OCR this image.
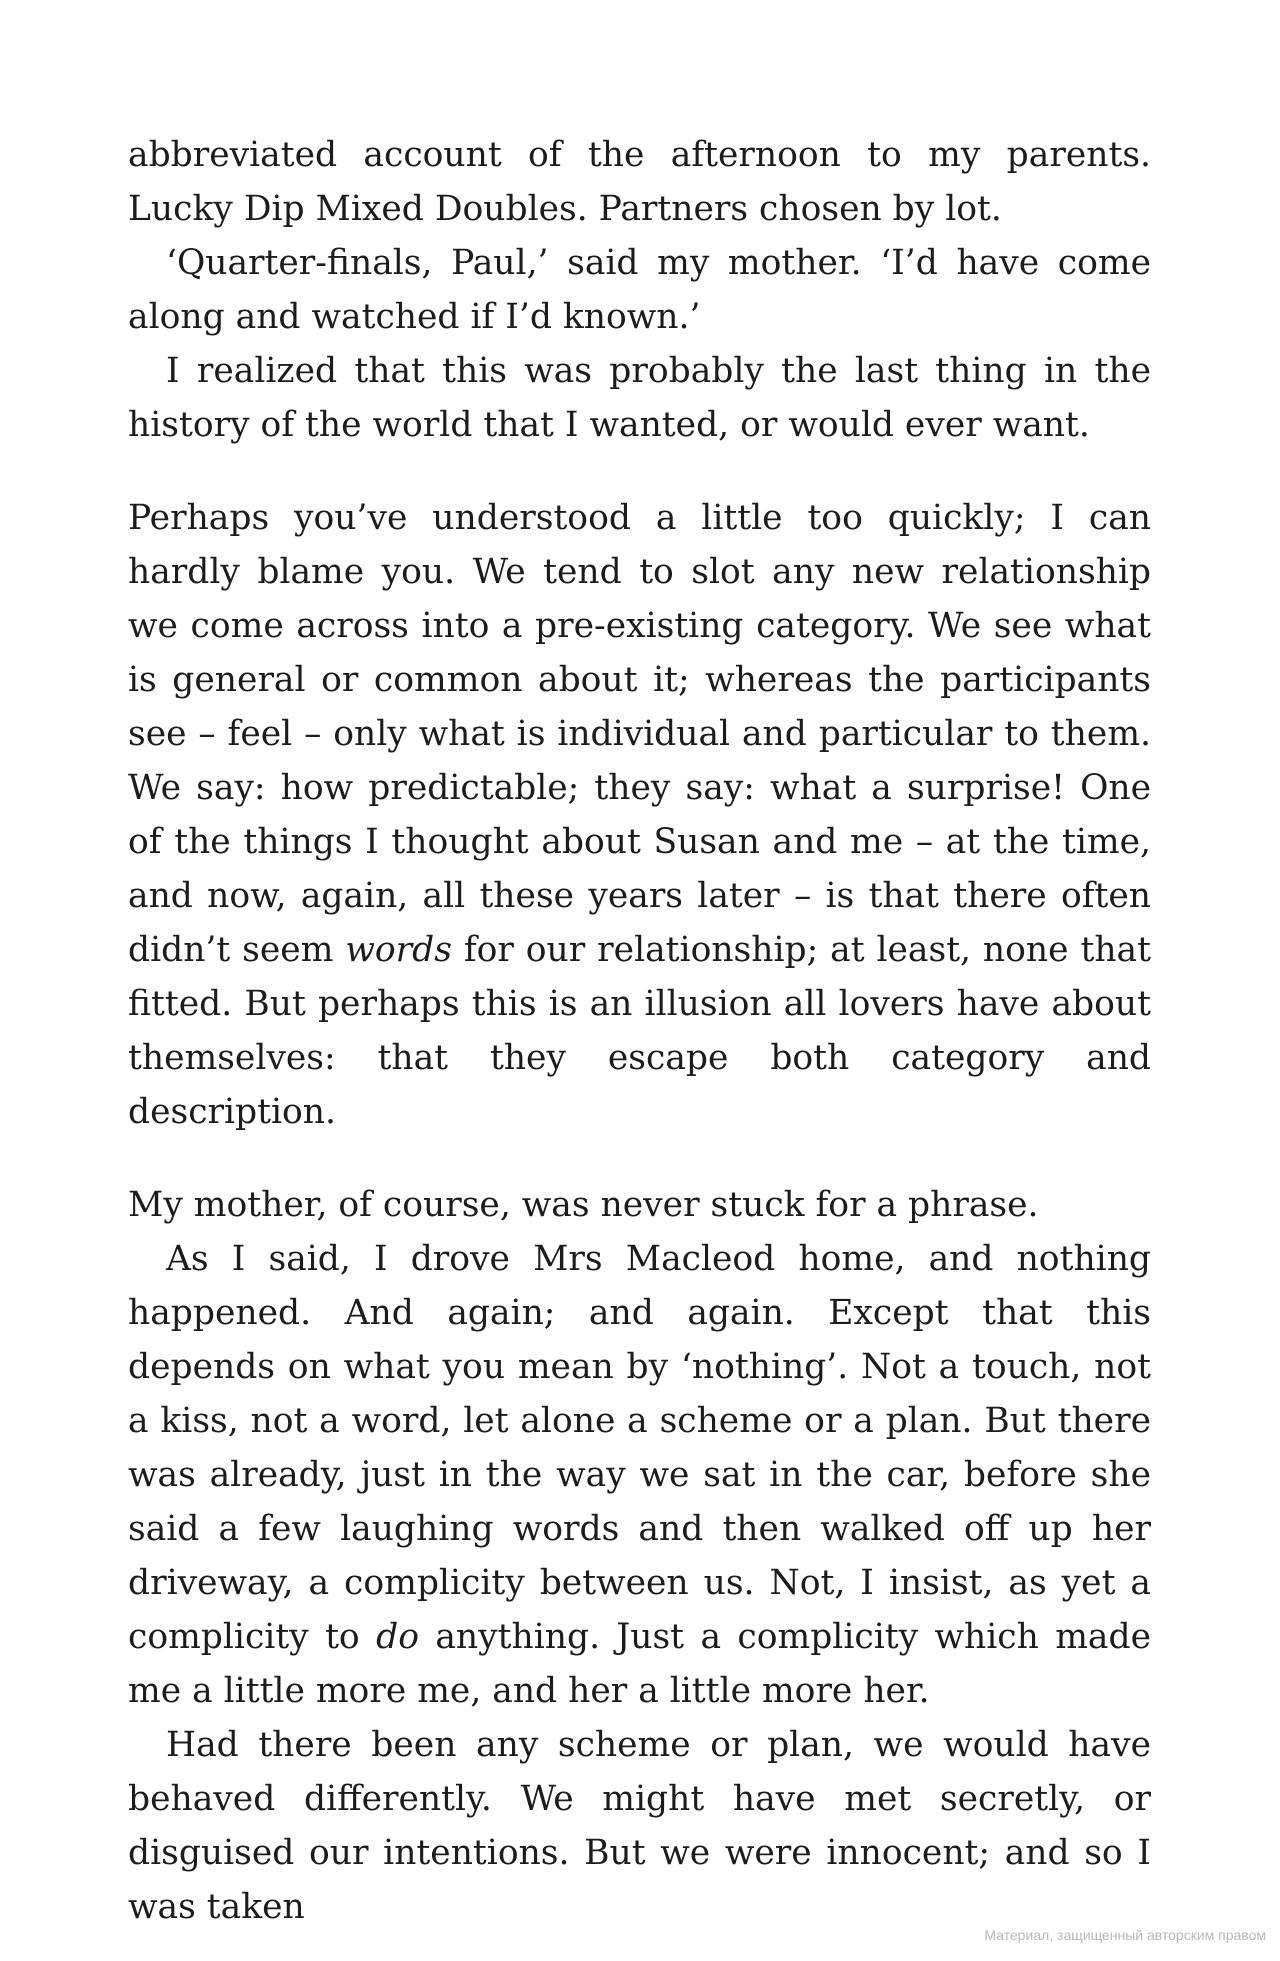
abbreviated account of the afternoon to my parents. Lucky Dip Mixed Doubles. Partners chosen by lot.

‘Quarter-finals, Paul,’ said my mother. ‘I’d have come along and watched if I’d known.’

I realized that this was probably the last thing in the history of the world that I wanted, or would ever want.

Perhaps you’ve understood a little too quickly; I can hardly blame you. We tend to slot any new relationship we come across into a pre-existing category. We see what is general or common about it; whereas the participants see – feel – only what is individual and particular to them. We say: how predictable; they say: what a surprise! One of the things I thought about Susan and me – at the time, and now, again, all these years later – is that there often didn’t seem words for our relationship; at least, none that fitted. But perhaps this is an illusion all lovers have about themselves: that they escape both category and description.

My mother, of course, was never stuck for a phrase.

As I said, I drove Mrs Macleod home, and nothing happened. And again; and again. Except that this depends on what you mean by ‘nothing’. Not a touch, not a kiss, not a word, let alone a scheme or a plan. But there was already, just in the way we sat in the car, before she said a few laughing words and then walked off up her driveway, a complicity between us. Not, I insist, as yet a complicity to do anything. Just a complicity which made me a little more me, and her a little more her.

Had there been any scheme or plan, we would have behaved differently. We might have met secretly, or disguised our intentions. But we were innocent; and so I was taken

Материал, защищенный авторским правом
